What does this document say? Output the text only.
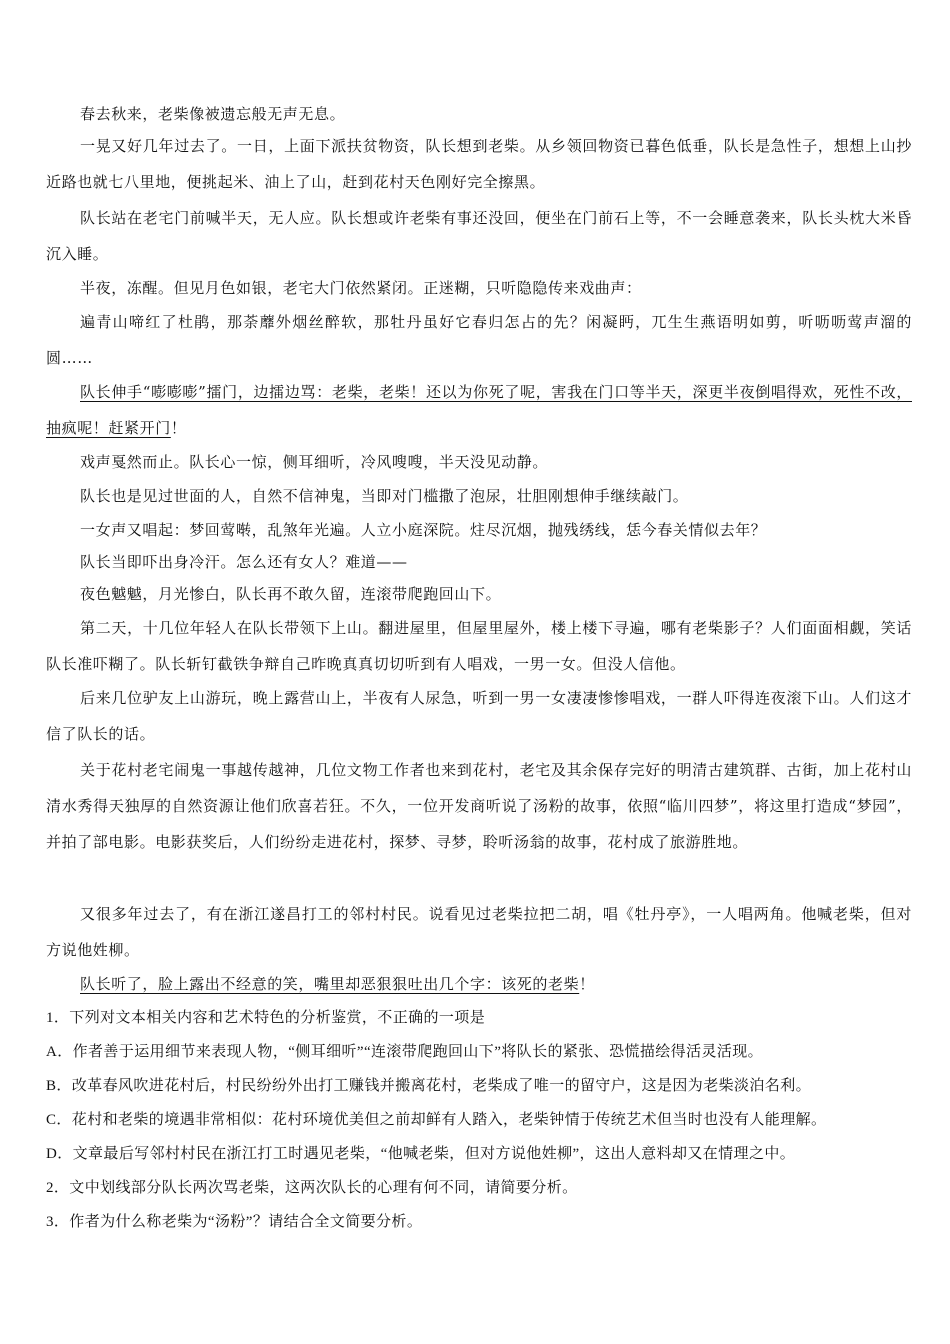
春去秋来，老柴像被遗忘般无声无息。

一晃又好几年过去了。一日，上面下派扶贫物资，队长想到老柴。从乡领回物资已暮色低垂，队长是急性子，想想上山抄近路也就七八里地，便挑起米、油上了山，赶到花村天色刚好完全擦黑。

队长站在老宅门前喊半天，无人应。队长想或许老柴有事还没回，便坐在门前石上等，不一会睡意袭来，队长头枕大米昏沉入睡。

半夜，冻醒。但见月色如银，老宅大门依然紧闭。正迷糊，只听隐隐传来戏曲声：

遍青山啼红了杜鹃，那荼蘼外烟丝醉软，那牡丹虽好它春归怎占的先？闲凝眄，兀生生燕语明如剪，听呖呖莺声溜的圆……

队长伸手“嘭嘭嘭”擂门，边擂边骂：老柴，老柴！还以为你死了呢，害我在门口等半天，深更半夜倒唱得欢，死性不改，抽疯呢！赶紧开门！

戏声戛然而止。队长心一惊，侧耳细听，冷风嗖嗖，半天没见动静。

队长也是见过世面的人，自然不信神鬼，当即对门槛撒了泡尿，壮胆刚想伸手继续敲门。

一女声又唱起：梦回莺啭，乱煞年光遍。人立小庭深院。炷尽沉烟，抛残绣线，恁今春关情似去年？

队长当即吓出身冷汗。怎么还有女人？难道——

夜色魆魆，月光惨白，队长再不敢久留，连滚带爬跑回山下。

第二天，十几位年轻人在队长带领下上山。翻进屋里，但屋里屋外，楼上楼下寻遍，哪有老柴影子？人们面面相觑，笑话队长准吓糊了。队长斩钉截铁争辩自己昨晚真真切切听到有人唱戏，一男一女。但没人信他。

后来几位驴友上山游玩，晚上露营山上，半夜有人尿急，听到一男一女凄凄惨惨唱戏，一群人吓得连夜滚下山。人们这才信了队长的话。

关于花村老宅闹鬼一事越传越神，几位文物工作者也来到花村，老宅及其余保存完好的明清古建筑群、古街，加上花村山清水秀得天独厚的自然资源让他们欣喜若狂。不久，一位开发商听说了汤粉的故事，依照“临川四梦”，将这里打造成“梦园”，并拍了部电影。电影获奖后，人们纷纷走进花村，探梦、寻梦，聆听汤翁的故事，花村成了旅游胜地。

又很多年过去了，有在浙江遂昌打工的邻村村民。说看见过老柴拉把二胡，唱《牡丹亭》，一人唱两角。他喊老柴，但对方说他姓柳。

队长听了，脸上露出不经意的笑，嘴里却恶狠狠吐出几个字：该死的老柴！

1．下列对文本相关内容和艺术特色的分析鉴赏，不正确的一项是

A．作者善于运用细节来表现人物，“侧耳细听”“连滚带爬跑回山下”将队长的紧张、恐慌描绘得活灵活现。

B．改革春风吹进花村后，村民纷纷外出打工赚钱并搬离花村，老柴成了唯一的留守户，这是因为老柴淡泊名利。

C．花村和老柴的境遇非常相似：花村环境优美但之前却鲜有人踏入，老柴钟情于传统艺术但当时也没有人能理解。

D．文章最后写邻村村民在浙江打工时遇见老柴，“他喊老柴，但对方说他姓柳”，这出人意料却又在情理之中。

2．文中划线部分队长两次骂老柴，这两次队长的心理有何不同，请简要分析。

3．作者为什么称老柴为“汤粉”？请结合全文简要分析。
